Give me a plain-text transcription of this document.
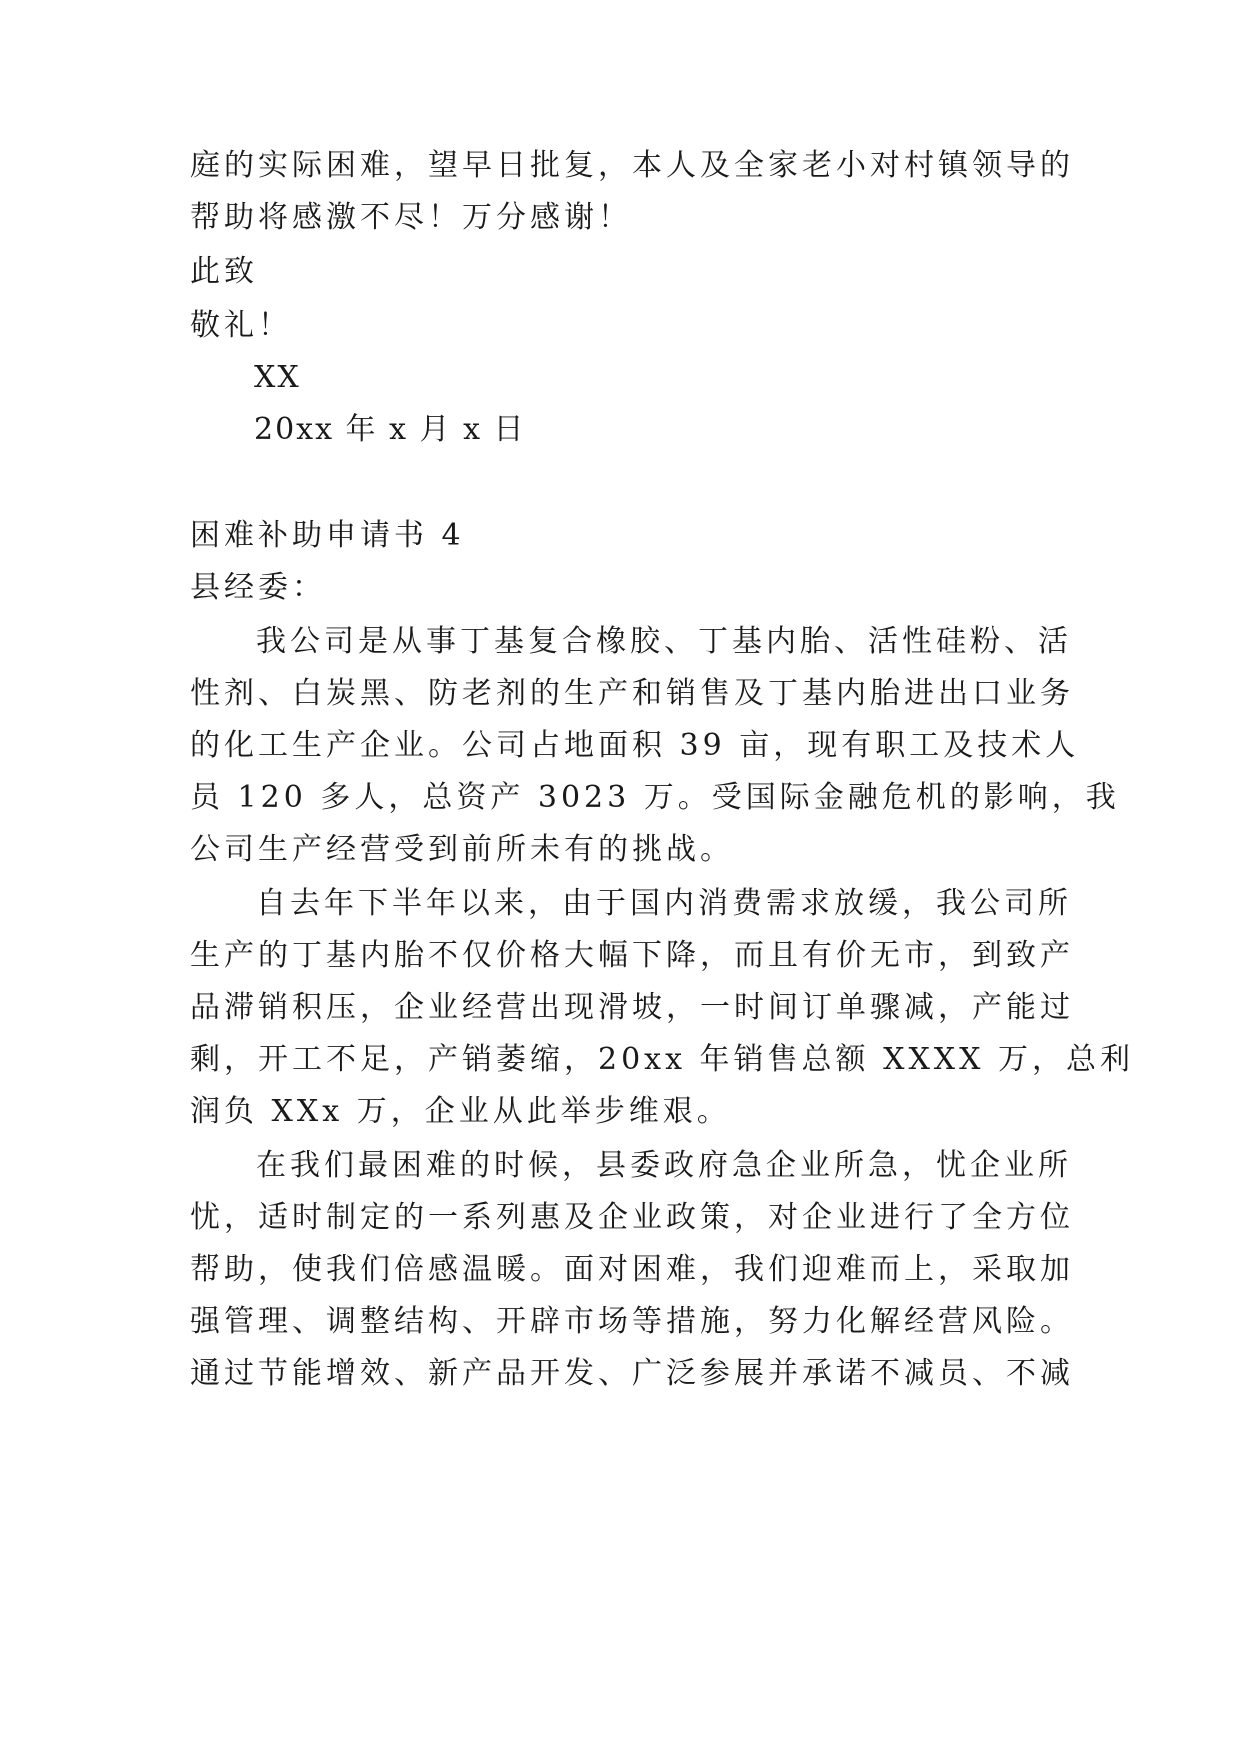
庭的实际困难，望早日批复，本人及全家老小对村镇领导的
帮助将感激不尽！万分感谢！
此致
敬礼！
XX
20xx 年 x 月 x 日
困难补助申请书 4
县经委：
我公司是从事丁基复合橡胶、丁基内胎、活性硅粉、活
性剂、白炭黑、防老剂的生产和销售及丁基内胎进出口业务
的化工生产企业。公司占地面积 39 亩，现有职工及技术人
员 120 多人，总资产 3023 万。受国际金融危机的影响，我
公司生产经营受到前所未有的挑战。
自去年下半年以来，由于国内消费需求放缓，我公司所
生产的丁基内胎不仅价格大幅下降，而且有价无市，到致产
品滞销积压，企业经营出现滑坡，一时间订单骤减，产能过
剩，开工不足，产销萎缩，20xx 年销售总额 XXXX 万，总利
润负 XXx 万，企业从此举步维艰。
在我们最困难的时候，县委政府急企业所急，忧企业所
忧，适时制定的一系列惠及企业政策，对企业进行了全方位
帮助，使我们倍感温暖。面对困难，我们迎难而上，采取加
强管理、调整结构、开辟市场等措施，努力化解经营风险。
通过节能增效、新产品开发、广泛参展并承诺不减员、不减
